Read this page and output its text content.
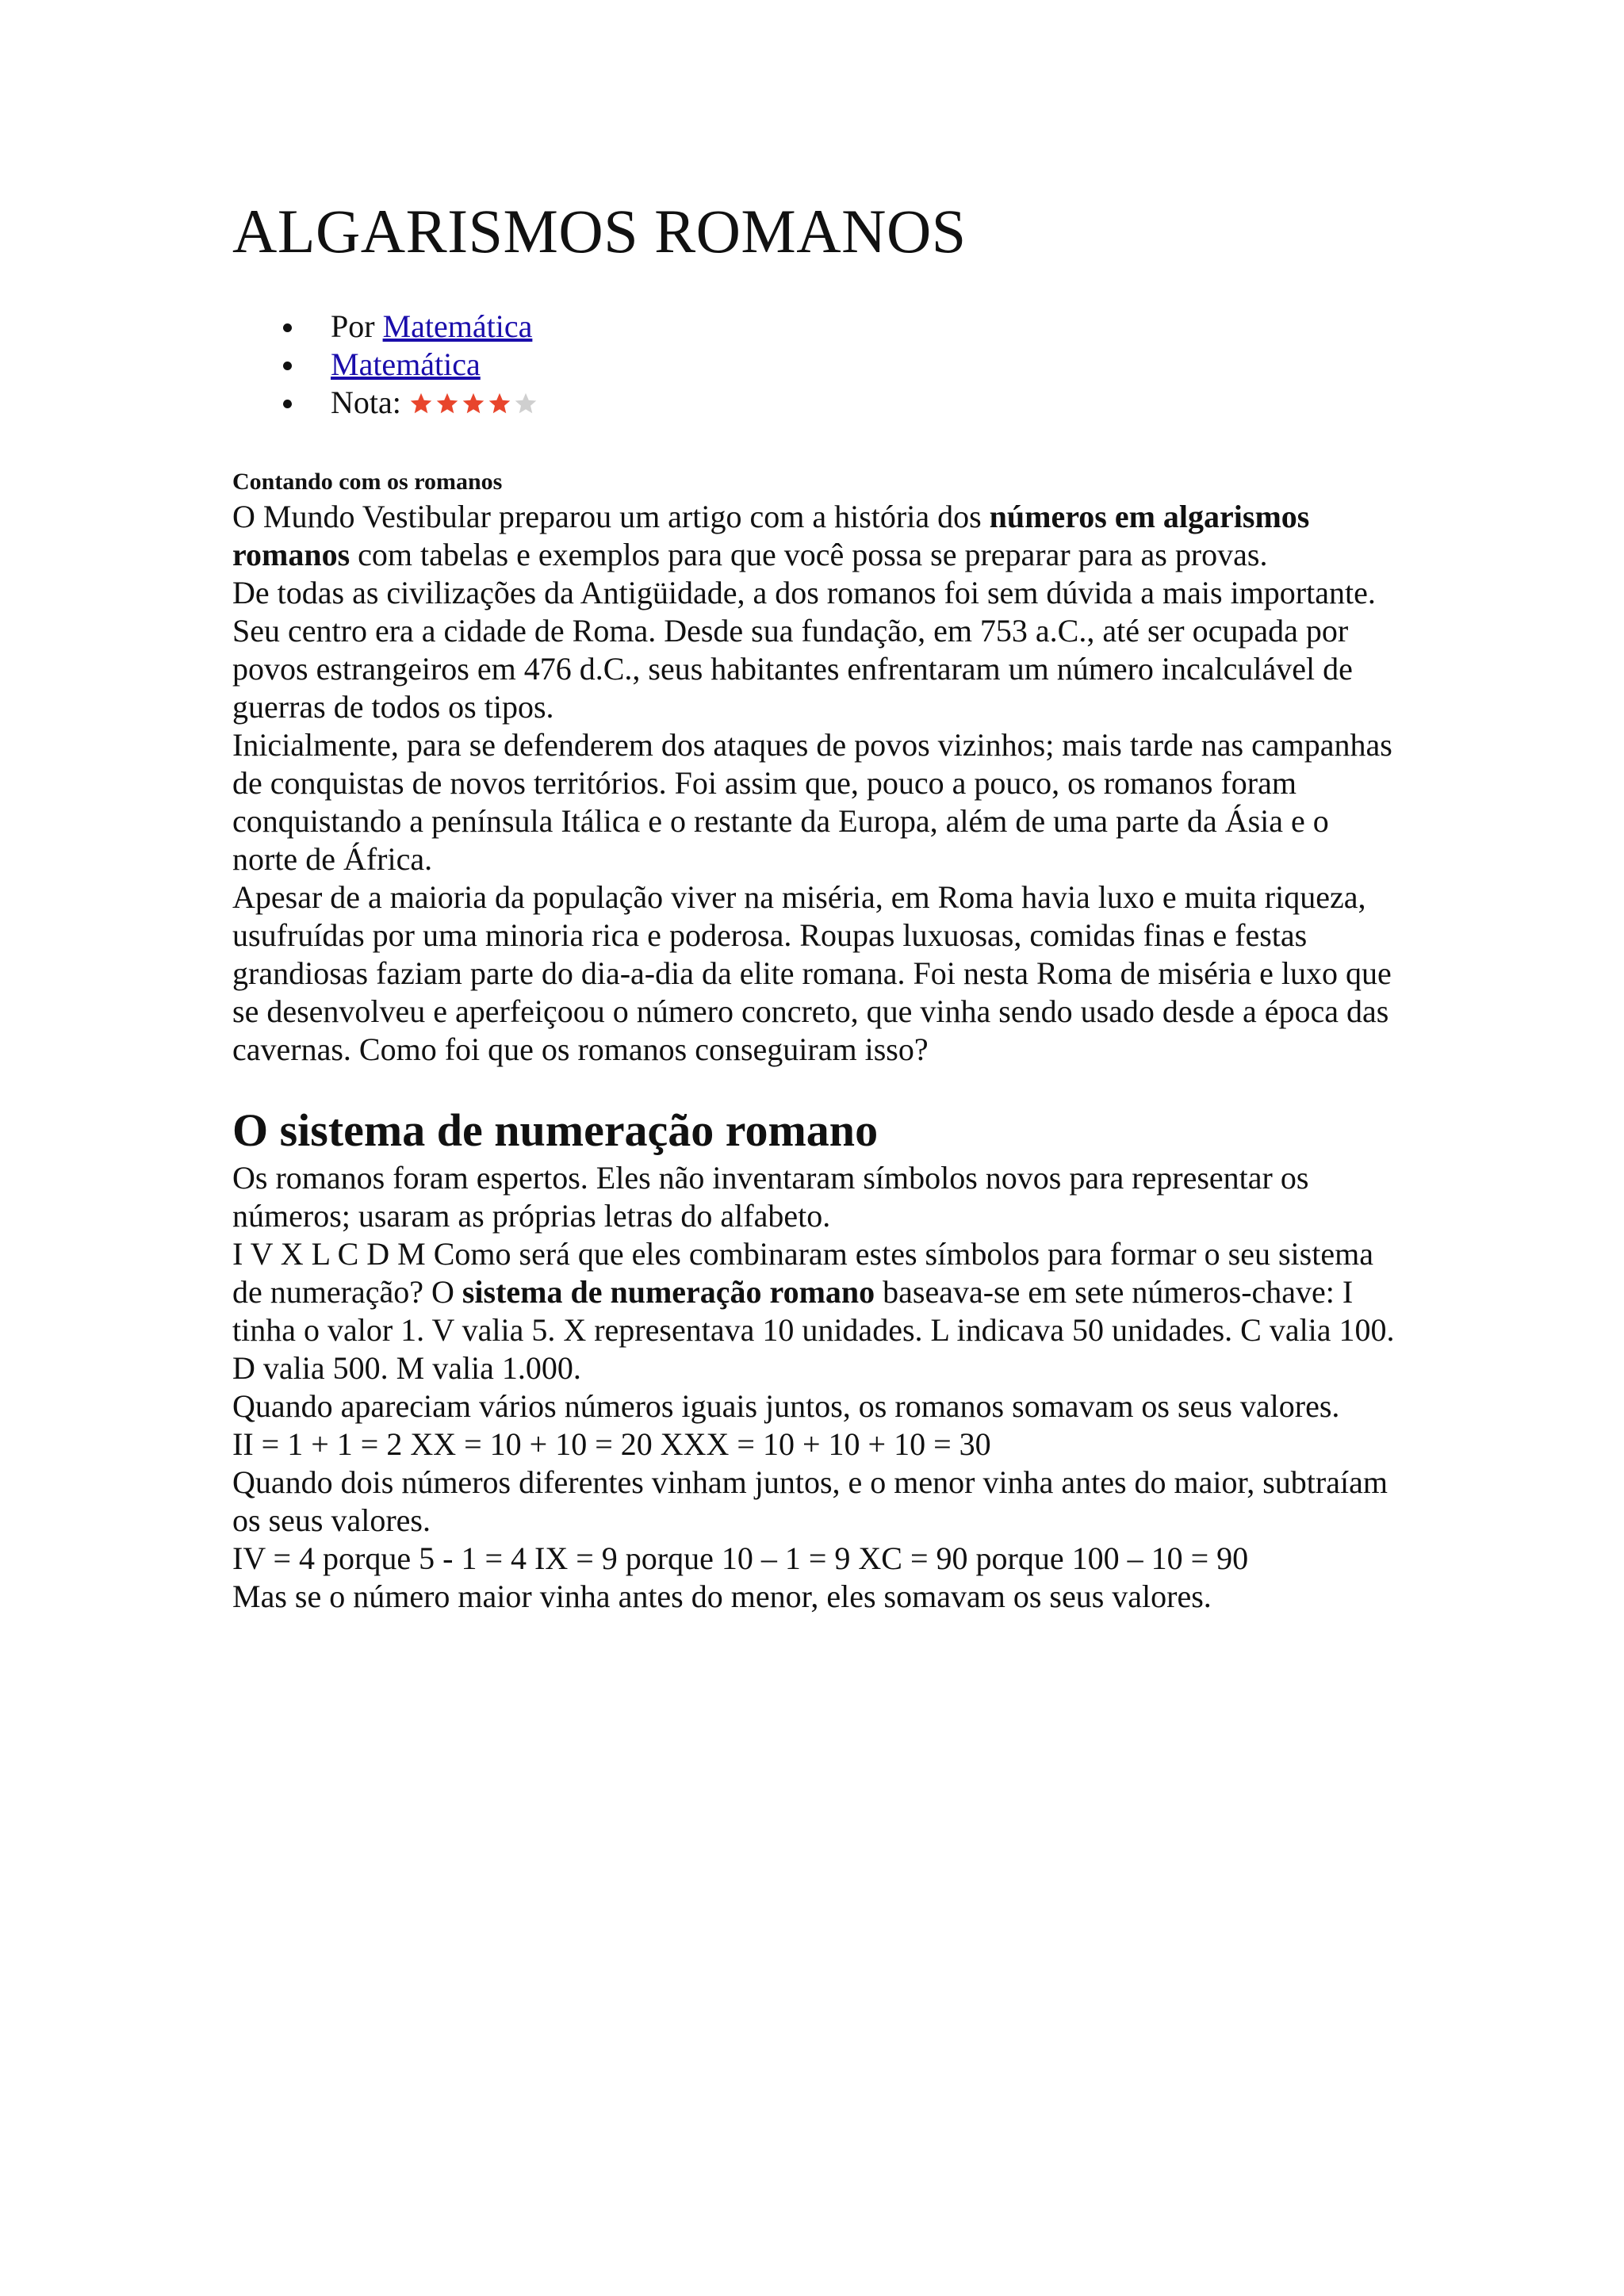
ALGARISMOS ROMANOS
Por Matemática
Matemática
Nota:
Contando com os romanos

O Mundo Vestibular preparou um artigo com a história dos números em algarismos romanos com tabelas e exemplos para que você possa se preparar para as provas.

De todas as civilizações da Antigüidade, a dos romanos foi sem dúvida a mais importante. Seu centro era a cidade de Roma. Desde sua fundação, em 753 a.C., até ser ocupada por povos estrangeiros em 476 d.C., seus habitantes enfrentaram um número incalculável de guerras de todos os tipos.

Inicialmente, para se defenderem dos ataques de povos vizinhos; mais tarde nas campanhas de conquistas de novos territórios. Foi assim que, pouco a pouco, os romanos foram conquistando a península Itálica e o restante da Europa, além de uma parte da Ásia e o norte de África.

Apesar de a maioria da população viver na miséria, em Roma havia luxo e muita riqueza, usufruídas por uma minoria rica e poderosa. Roupas luxuosas, comidas finas e festas grandiosas faziam parte do dia-a-dia da elite romana. Foi nesta Roma de miséria e luxo que se desenvolveu e aperfeiçoou o número concreto, que vinha sendo usado desde a época das cavernas. Como foi que os romanos conseguiram isso?

O sistema de numeração romano

Os romanos foram espertos. Eles não inventaram símbolos novos para representar os números; usaram as próprias letras do alfabeto.

I V X L C D M Como será que eles combinaram estes símbolos para formar o seu sistema de numeração? O sistema de numeração romano baseava-se em sete números-chave: I tinha o valor 1. V valia 5. X representava 10 unidades. L indicava 50 unidades. C valia 100. D valia 500. M valia 1.000.

Quando apareciam vários números iguais juntos, os romanos somavam os seus valores.

II = 1 + 1 = 2 XX = 10 + 10 = 20 XXX = 10 + 10 + 10 = 30

Quando dois números diferentes vinham juntos, e o menor vinha antes do maior, subtraíam os seus valores.

IV = 4 porque 5 - 1 = 4 IX = 9 porque 10 – 1 = 9 XC = 90 porque 100 – 10 = 90

Mas se o número maior vinha antes do menor, eles somavam os seus valores.
